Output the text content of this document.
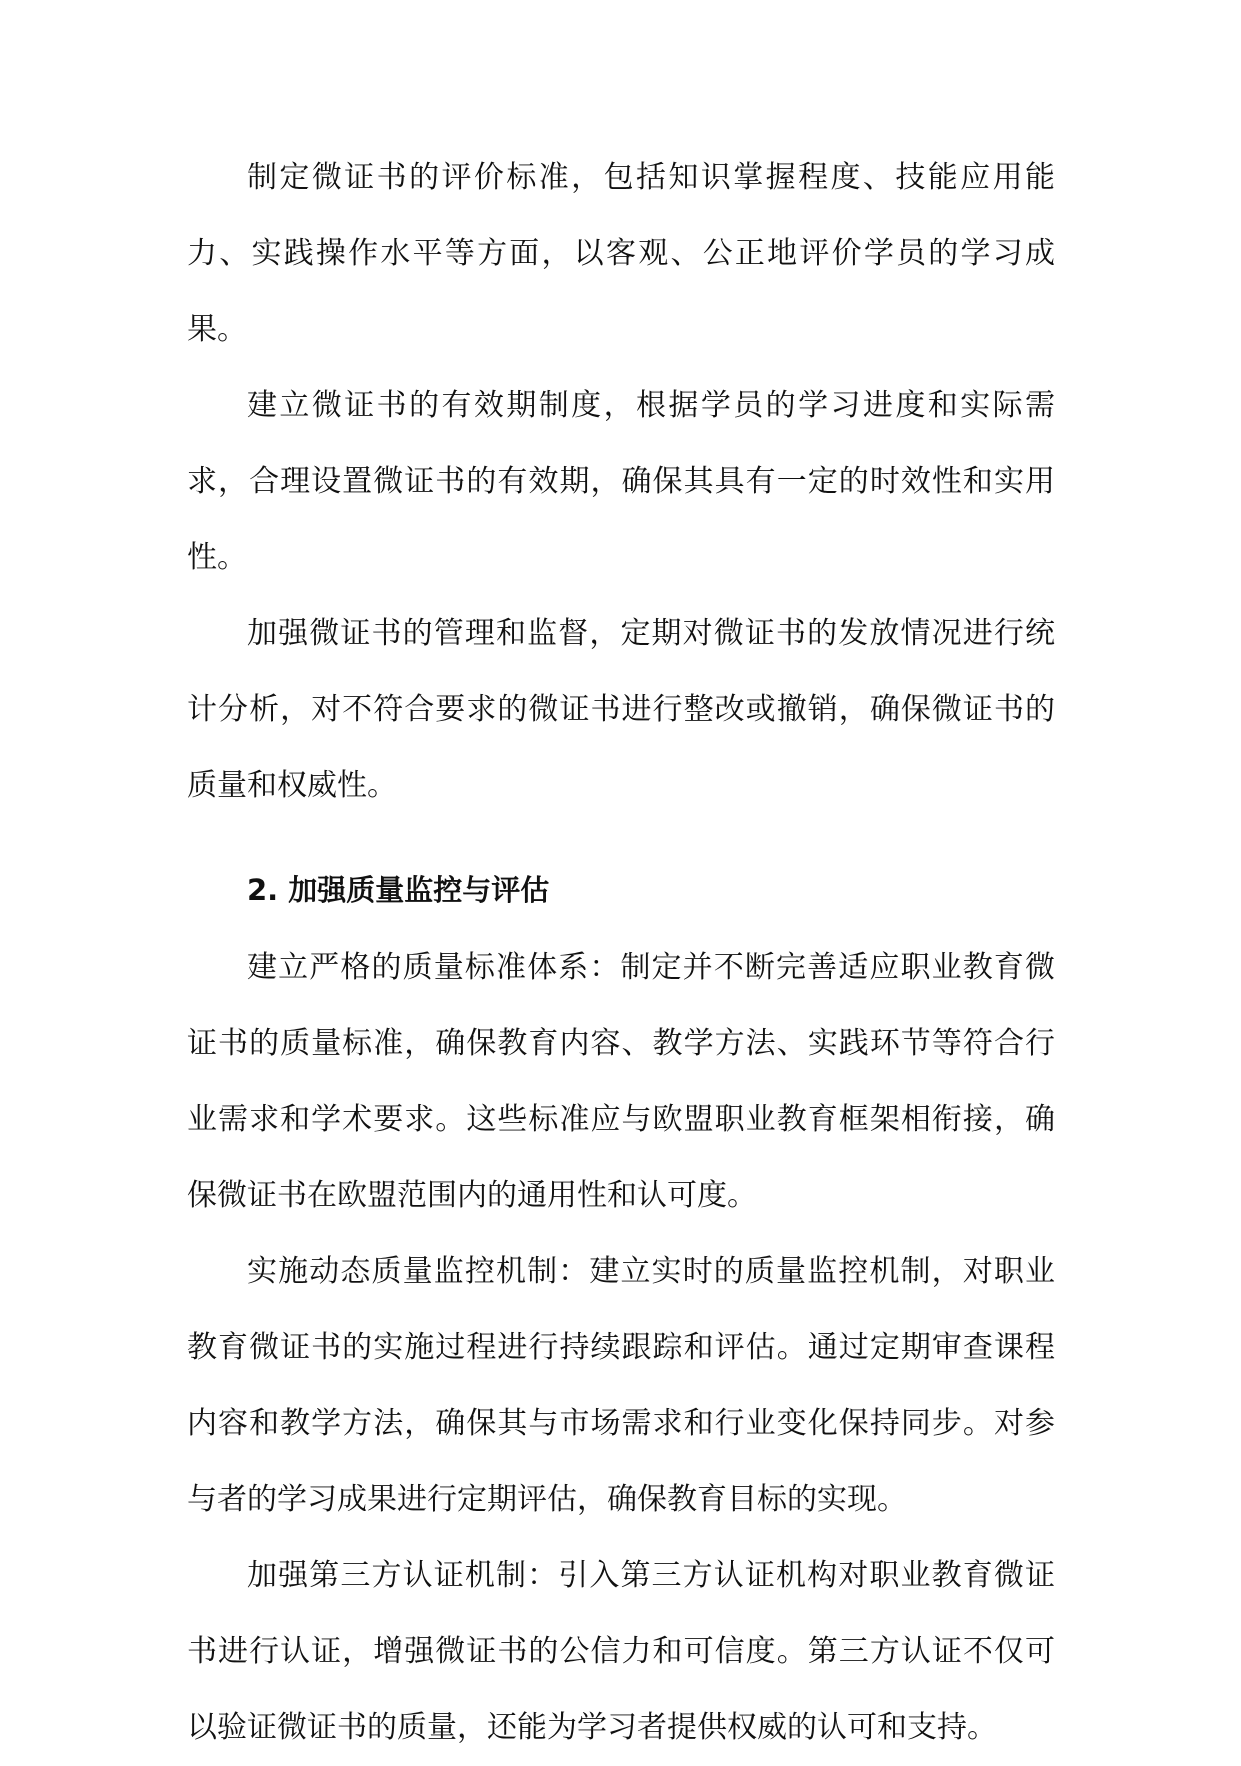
制定微证书的评价标准，包括知识掌握程度、技能应用能力、实践操作水平等方面，以客观、公正地评价学员的学习成果。

建立微证书的有效期制度，根据学员的学习进度和实际需求，合理设置微证书的有效期，确保其具有一定的时效性和实用性。

加强微证书的管理和监督，定期对微证书的发放情况进行统计分析，对不符合要求的微证书进行整改或撤销，确保微证书的质量和权威性。

2. 加强质量监控与评估

建立严格的质量标准体系：制定并不断完善适应职业教育微证书的质量标准，确保教育内容、教学方法、实践环节等符合行业需求和学术要求。这些标准应与欧盟职业教育框架相衔接，确保微证书在欧盟范围内的通用性和认可度。

实施动态质量监控机制：建立实时的质量监控机制，对职业教育微证书的实施过程进行持续跟踪和评估。通过定期审查课程内容和教学方法，确保其与市场需求和行业变化保持同步。对参与者的学习成果进行定期评估，确保教育目标的实现。

加强第三方认证机制：引入第三方认证机构对职业教育微证书进行认证，增强微证书的公信力和可信度。第三方认证不仅可以验证微证书的质量，还能为学习者提供权威的认可和支持。
